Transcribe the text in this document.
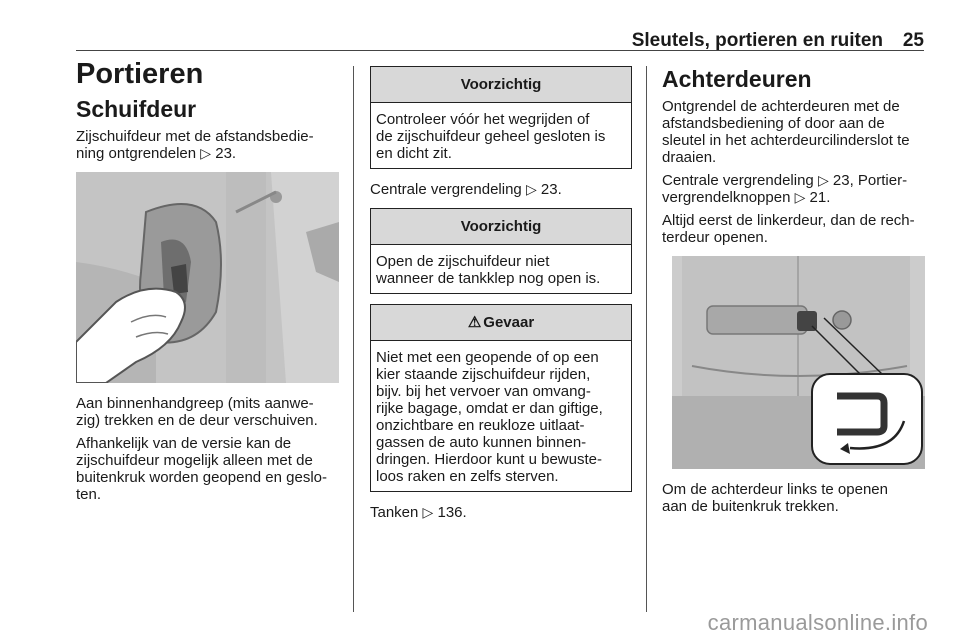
Sleutels, portieren en ruiten 25
Portieren
Schuifdeur

Zijschuifdeur met de afstandsbedie-
ning ontgrendelen ▷ 23.

Aan binnenhandgreep (mits aanwe-
zig) trekken en de deur verschuiven.

Afhankelijk van de versie kan de
zijschuifdeur mogelijk alleen met de
buitenkruk worden geopend en geslo-
ten.

Voorzichtig
Controleer vóór het wegrijden of
de zijschuifdeur geheel gesloten is
en dicht zit.

Centrale vergrendeling ▷ 23.

Voorzichtig
Open de zijschuifdeur niet
wanneer de tankklep nog open is.
⚠ Gevaar
Niet met een geopende of op een
kier staande zijschuifdeur rijden,
bijv. bij het vervoer van omvang-
rijke bagage, omdat er dan giftige,
onzichtbare en reukloze uitlaat-
gassen de auto kunnen binnen-
dringen. Hierdoor kunt u bewuste-
loos raken en zelfs sterven.

Tanken ▷ 136.

Achterdeuren

Ontgrendel de achterdeuren met de
afstandsbediening of door aan de
sleutel in het achterdeurcilinderslot te
draaien.

Centrale vergrendeling ▷ 23, Portier-
vergrendelknoppen ▷ 21.

Altijd eerst de linkerdeur, dan de rech-
terdeur openen.

Om de achterdeur links te openen
aan de buitenkruk trekken.

carmanualsonline.info
